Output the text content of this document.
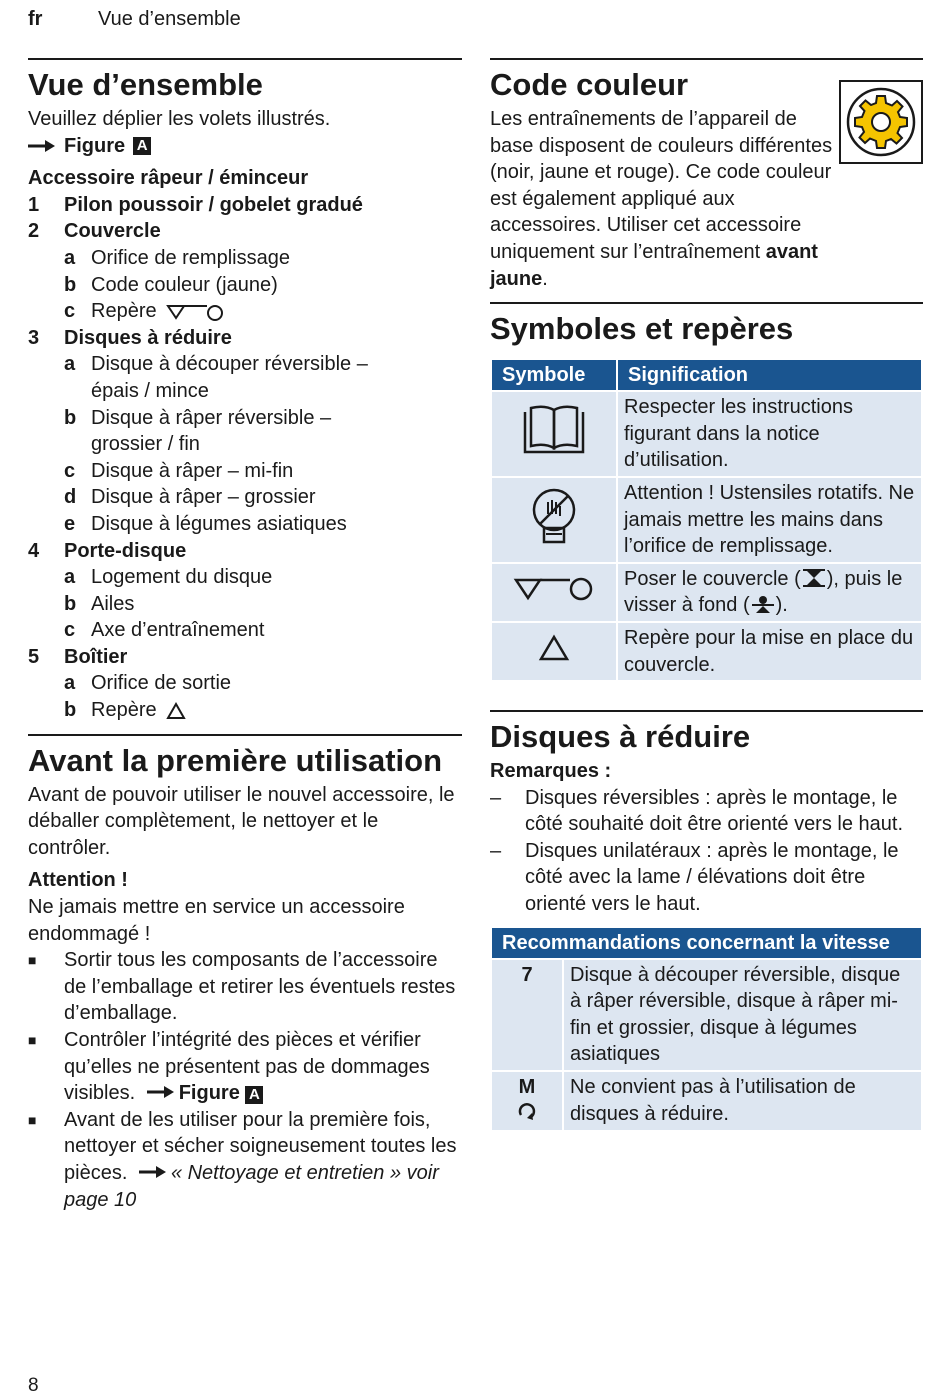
fr	Vue d’ensemble
Vue d’ensemble

Veuillez déplier les volets illustrés.

Figure A
Accessoire râpeur / éminceur
1	Pilon poussoir / gobelet gradué
2	Couvercle
a Orifice de remplissage
b Code couleur (jaune)
c Repère
3	Disques à réduire
a Disque à découper réversible –
épais / mince
b Disque à râper réversible –
grossier / fin
c Disque à râper – mi-fin
d Disque à râper – grossier
e Disque à légumes asiatiques
4	Porte-disque
a Logement du disque
b Ailes
c Axe d’entraînement
5	Boîtier
a Orifice de sortie
b Repère
Avant la première utilisation

Avant de pouvoir utiliser le nouvel accessoire, le déballer complètement, le nettoyer et le contrôler.

Attention !

Ne jamais mettre en service un accessoire endommagé !

■	Sortir tous les composants de l’accessoire de l’emballage et retirer les éventuels restes d’emballage.
■	Contrôler l’intégrité des pièces et vérifier qu’elles ne présentent pas de dommages visibles. Figure A
■	Avant de les utiliser pour la première fois, nettoyer et sécher soigneusement toutes les pièces. « Nettoyage et entretien » voir page 10
Code couleur

Les entraînements de l’appareil de base disposent de couleurs différentes (noir, jaune et rouge). Ce code couleur est également appliqué aux accessoires. Utiliser cet accessoire uniquement sur l’entraînement avant jaune.

Symboles et repères
Symbole	Signification
	Respecter les instructions figurant dans la notice d’utilisation.
	Attention ! Ustensiles rotatifs. Ne jamais mettre les mains dans l’orifice de remplissage.
	Poser le couvercle ( ), puis le visser à fond ( ).
	Repère pour la mise en place du couvercle.
Disques à réduire
Remarques :
–	Disques réversibles : après le montage, le côté souhaité doit être orienté vers le haut.
–	Disques unilatéraux : après le montage, le côté avec la lame / élévations doit être orienté vers le haut.
Recommandations concernant la vitesse	
7	Disque à découper réversible, disque à râper réversible, disque à râper mi-fin et grossier, disque à légumes asiatiques

M	Ne convient pas à l’utilisation de disques à réduire.
8
